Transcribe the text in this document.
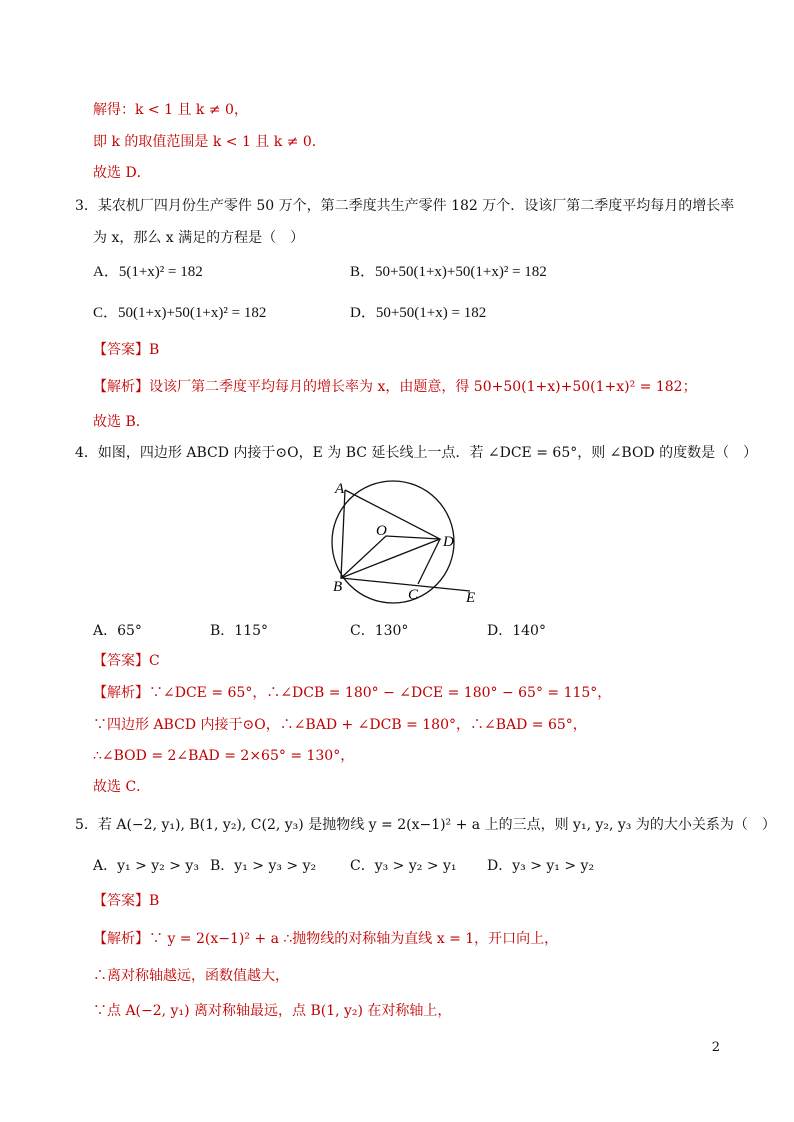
解得：k < 1 且 k ≠ 0，
即 k 的取值范围是 k < 1 且 k ≠ 0．
故选 D．
3．某农机厂四月份生产零件 50 万个，第二季度共生产零件 182 万个．设该厂第二季度平均每月的增长率
为 x，那么 x 满足的方程是（　）
A．5(1+x)² = 182	B．50+50(1+x)+50(1+x)² = 182
C．50(1+x)+50(1+x)² = 182	D．50+50(1+x) = 182
【答案】B
【解析】设该厂第二季度平均每月的增长率为 x，由题意，得 50+50(1+x)+50(1+x)² = 182；
故选 B．
4．如图，四边形 ABCD 内接于⊙O，E 为 BC 延长线上一点．若 ∠DCE = 65°，则 ∠BOD 的度数是（　）
A
O
D
B	C	E
A．65°	B．115°	C．130°	D．140°
【答案】C
【解析】∵∠DCE = 65°，∴∠DCB = 180° − ∠DCE = 180° − 65° = 115°，
∵四边形 ABCD 内接于⊙O，∴∠BAD + ∠DCB = 180°，∴∠BAD = 65°，
∴∠BOD = 2∠BAD = 2×65° = 130°，
故选 C．
5．若 A(−2, y₁), B(1, y₂), C(2, y₃) 是抛物线 y = 2(x−1)² + a 上的三点，则 y₁, y₂, y₃ 为的大小关系为（　）
A．y₁ > y₂ > y₃ B．y₁ > y₃ > y₂ C．y₃ > y₂ > y₁ D．y₃ > y₁ > y₂
【答案】B
【解析】∵ y = 2(x−1)² + a ∴抛物线的对称轴为直线 x = 1，开口向上，
∴离对称轴越远，函数值越大，
∵点 A(−2, y₁) 离对称轴最远，点 B(1, y₂) 在对称轴上，
2
